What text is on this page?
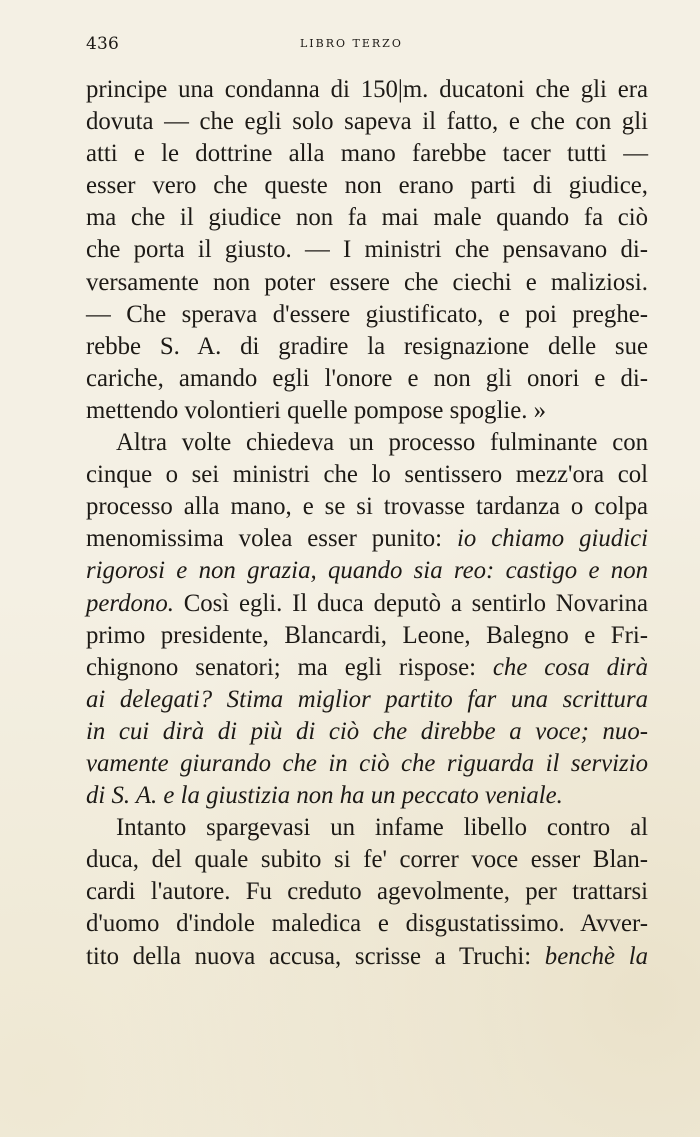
436	LIBRO TERZO
principe una condanna di 150|m. ducatoni che gli era
dovuta — che egli solo sapeva il fatto, e che con gli
atti e le dottrine alla mano farebbe tacer tutti —
esser vero che queste non erano parti di giudice,
ma che il giudice non fa mai male quando fa ciò
che porta il giusto. — I ministri che pensavano di-
versamente non poter essere che ciechi e maliziosi.
— Che sperava d'essere giustificato, e poi preghe-
rebbe S. A. di gradire la resignazione delle sue
cariche, amando egli l'onore e non gli onori e di-
mettendo volontieri quelle pompose spoglie. »
Altra volte chiedeva un processo fulminante con
cinque o sei ministri che lo sentissero mezz'ora col
processo alla mano, e se si trovasse tardanza o colpa
menomissima volea esser punito: io chiamo giudici
rigorosi e non grazia, quando sia reo: castigo e non
perdono. Così egli. Il duca deputò a sentirlo Novarina
primo presidente, Blancardi, Leone, Balegno e Fri-
chignono senatori; ma egli rispose: che cosa dirà
ai delegati? Stima miglior partito far una scrittura
in cui dirà di più di ciò che direbbe a voce; nuo-
vamente giurando che in ciò che riguarda il servizio
di S. A. e la giustizia non ha un peccato veniale.
Intanto spargevasi un infame libello contro al
duca, del quale subito si fe' correr voce esser Blan-
cardi l'autore. Fu creduto agevolmente, per trattarsi
d'uomo d'indole maledica e disgustatissimo. Avver-
tito della nuova accusa, scrisse a Truchi: benchè la
